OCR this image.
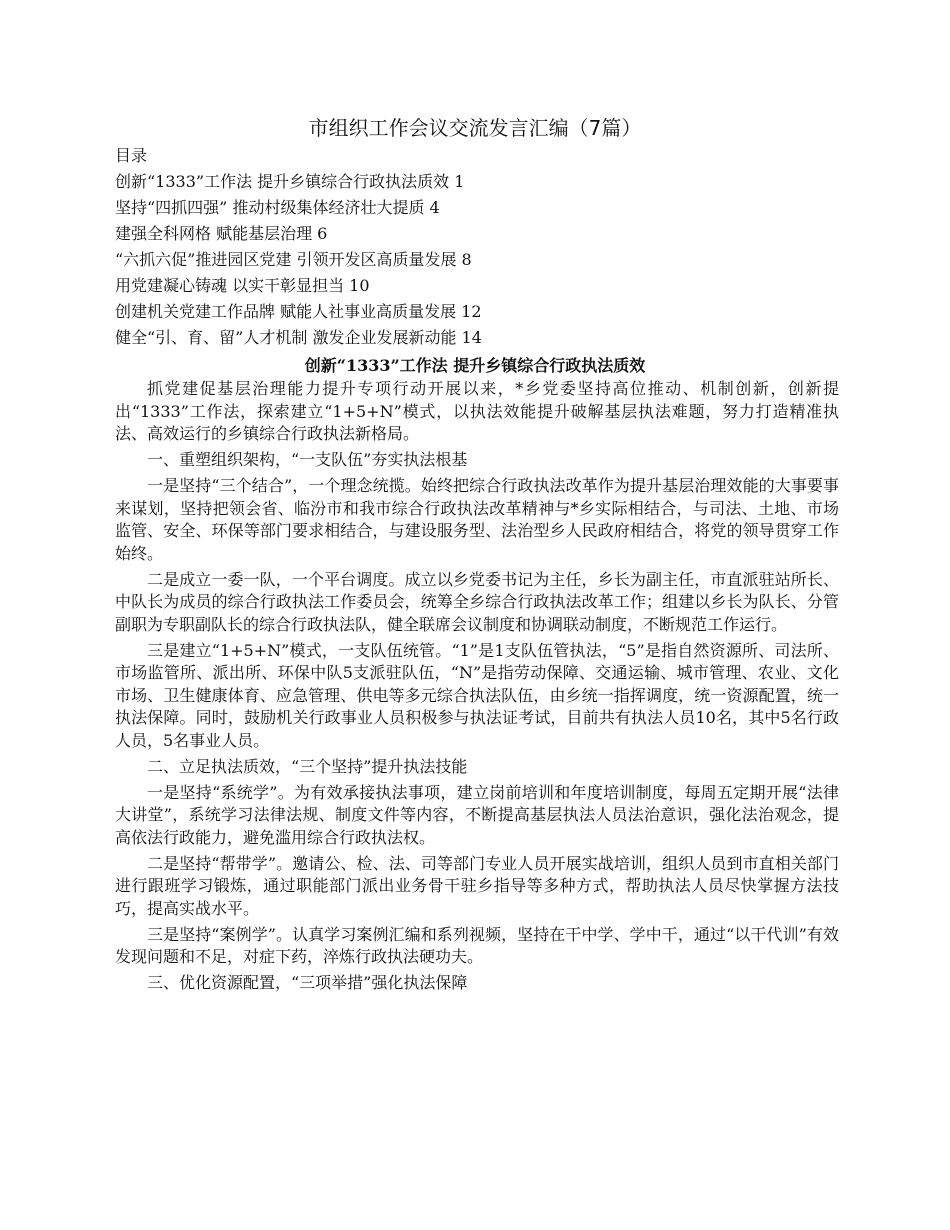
市组织工作会议交流发言汇编（7篇）
目录
创新“1333”工作法 提升乡镇综合行政执法质效 1
坚持“四抓四强” 推动村级集体经济壮大提质 4
建强全科网格 赋能基层治理 6
“六抓六促”推进园区党建 引领开发区高质量发展 8
用党建凝心铸魂 以实干彰显担当 10
创建机关党建工作品牌 赋能人社事业高质量发展 12
健全“引、育、留”人才机制 激发企业发展新动能 14
创新“1333”工作法 提升乡镇综合行政执法质效

抓党建促基层治理能力提升专项行动开展以来，*乡党委坚持高位推动、机制创新，创新提出“1333”工作法，探索建立“1+5+N”模式，以执法效能提升破解基层执法难题，努力打造精准执法、高效运行的乡镇综合行政执法新格局。

一、重塑组织架构，“一支队伍”夯实执法根基

一是坚持“三个结合”，一个理念统揽。始终把综合行政执法改革作为提升基层治理效能的大事要事来谋划，坚持把领会省、临汾市和我市综合行政执法改革精神与*乡实际相结合，与司法、土地、市场监管、安全、环保等部门要求相结合，与建设服务型、法治型乡人民政府相结合，将党的领导贯穿工作始终。

二是成立一委一队，一个平台调度。成立以乡党委书记为主任，乡长为副主任，市直派驻站所长、中队长为成员的综合行政执法工作委员会，统筹全乡综合行政执法改革工作；组建以乡长为队长、分管副职为专职副队长的综合行政执法队，健全联席会议制度和协调联动制度，不断规范工作运行。

三是建立“1+5+N”模式，一支队伍统管。“1”是1支队伍管执法，“5”是指自然资源所、司法所、市场监管所、派出所、环保中队5支派驻队伍，“N”是指劳动保障、交通运输、城市管理、农业、文化市场、卫生健康体育、应急管理、供电等多元综合执法队伍，由乡统一指挥调度，统一资源配置，统一执法保障。同时，鼓励机关行政事业人员积极参与执法证考试，目前共有执法人员10名，其中5名行政人员，5名事业人员。

二、立足执法质效，“三个坚持”提升执法技能

一是坚持“系统学”。为有效承接执法事项，建立岗前培训和年度培训制度，每周五定期开展“法律大讲堂”，系统学习法律法规、制度文件等内容，不断提高基层执法人员法治意识，强化法治观念，提高依法行政能力，避免滥用综合行政执法权。

二是坚持“帮带学”。邀请公、检、法、司等部门专业人员开展实战培训，组织人员到市直相关部门进行跟班学习锻炼，通过职能部门派出业务骨干驻乡指导等多种方式，帮助执法人员尽快掌握方法技巧，提高实战水平。

三是坚持“案例学”。认真学习案例汇编和系列视频，坚持在干中学、学中干，通过“以干代训”有效发现问题和不足，对症下药，淬炼行政执法硬功夫。

三、优化资源配置，“三项举措”强化执法保障
